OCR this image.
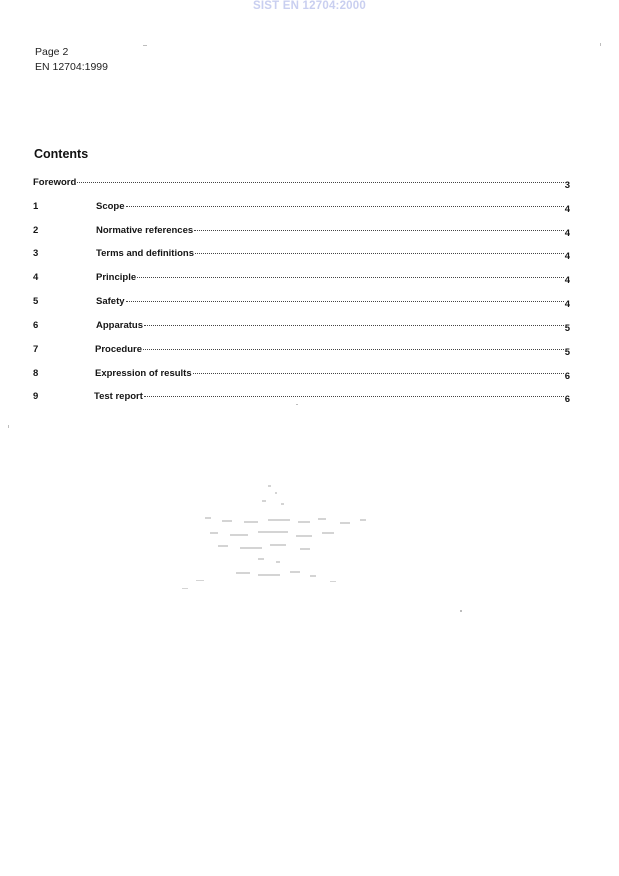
SIST EN 12704:2000
Page 2
EN 12704:1999
Contents
Foreword	3
1	Scope	4
2	Normative references	4
3	Terms and definitions	4
4	Principle	4
5	Safety	4
6	Apparatus	5
7	Procedure	5
8	Expression of results	6
9	Test report	6
